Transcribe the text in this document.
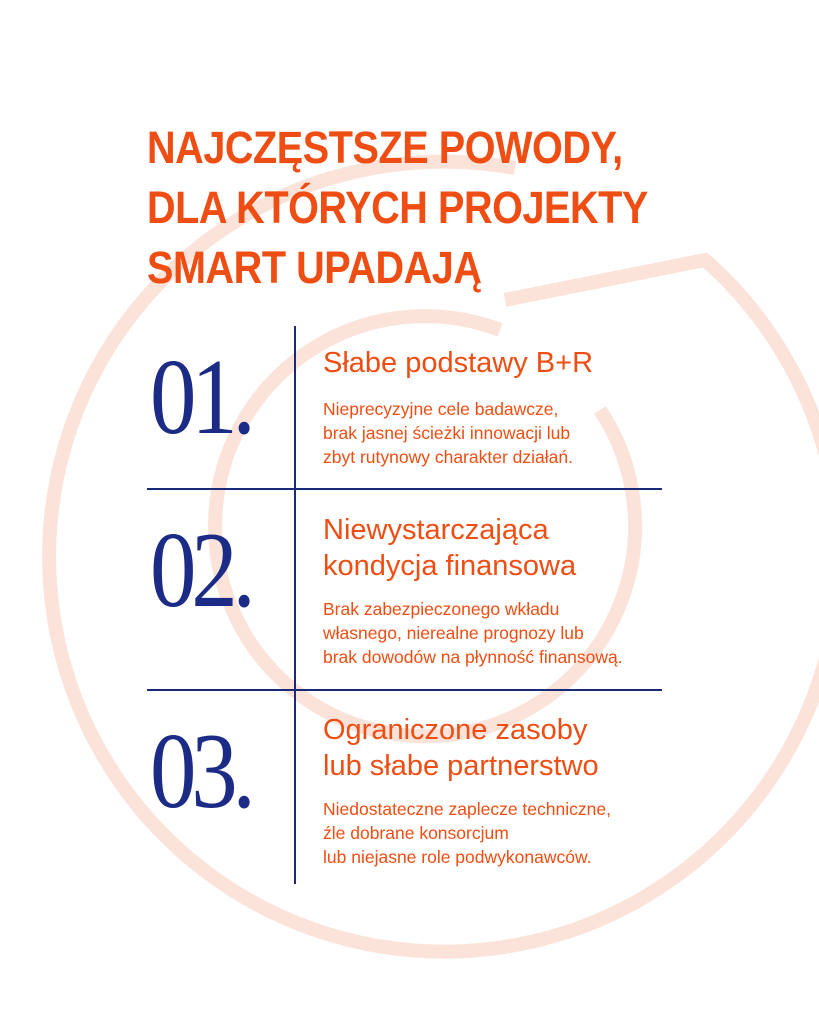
NAJCZĘSTSZE POWODY,
DLA KTÓRYCH PROJEKTY
SMART UPADAJĄ
01. Słabe podstawy B+R
Nieprecyzyjne cele badawcze,
brak jasnej ścieżki innowacji lub
zbyt rutynowy charakter działań.
02. Niewystarczająca
kondycja finansowa
Brak zabezpieczonego wkładu
własnego, nierealne prognozy lub
brak dowodów na płynność finansową.
03. Ograniczone zasoby
lub słabe partnerstwo
Niedostateczne zaplecze techniczne,
źle dobrane konsorcjum
lub niejasne role podwykonawców.
